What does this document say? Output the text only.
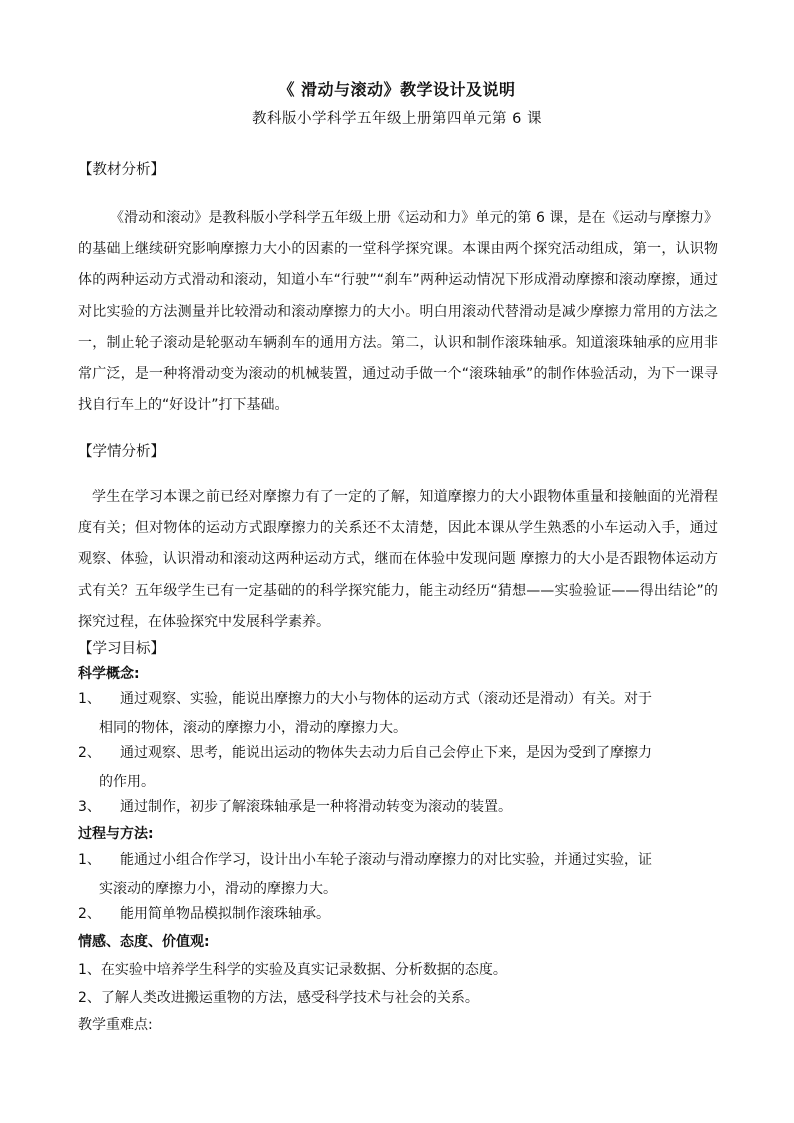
《 滑动与滚动》教学设计及说明
教科版小学科学五年级上册第四单元第 6 课
【教材分析】

《滑动和滚动》是教科版小学科学五年级上册《运动和力》单元的第 6 课，是在《运动与摩擦力》的基础上继续研究影响摩擦力大小的因素的一堂科学探究课。本课由两个探究活动组成，第一，认识物体的两种运动方式滑动和滚动，知道小车“行驶”“刹车”两种运动情况下形成滑动摩擦和滚动摩擦，通过对比实验的方法测量并比较滑动和滚动摩擦力的大小。明白用滚动代替滑动是减少摩擦力常用的方法之一，制止轮子滚动是轮驱动车辆刹车的通用方法。第二，认识和制作滚珠轴承。知道滚珠轴承的应用非常广泛，是一种将滑动变为滚动的机械装置，通过动手做一个“滚珠轴承”的制作体验活动，为下一课寻找自行车上的“好设计”打下基础。

【学情分析】

学生在学习本课之前已经对摩擦力有了一定的了解，知道摩擦力的大小跟物体重量和接触面的光滑程度有关；但对物体的运动方式跟摩擦力的关系还不太清楚，因此本课从学生熟悉的小车运动入手，通过观察、体验，认识滑动和滚动这两种运动方式，继而在体验中发现问题 摩擦力的大小是否跟物体运动方式有关？五年级学生已有一定基础的的科学探究能力，能主动经历“猜想——实验验证——得出结论”的探究过程，在体验探究中发展科学素养。

【学习目标】
科学概念:
1、 通过观察、实验，能说出摩擦力的大小与物体的运动方式（滚动还是滑动）有关。对于
相同的物体，滚动的摩擦力小，滑动的摩擦力大。
2、 通过观察、思考，能说出运动的物体失去动力后自己会停止下来，是因为受到了摩擦力
的作用。
3、 通过制作，初步了解滚珠轴承是一种将滑动转变为滚动的装置。
过程与方法:
1、 能通过小组合作学习，设计出小车轮子滚动与滑动摩擦力的对比实验，并通过实验，证
实滚动的摩擦力小，滑动的摩擦力大。
2、 能用简单物品模拟制作滚珠轴承。
情感、态度、价值观:
1、在实验中培养学生科学的实验及真实记录数据、分析数据的态度。
2、了解人类改进搬运重物的方法，感受科学技术与社会的关系。
教学重难点:
